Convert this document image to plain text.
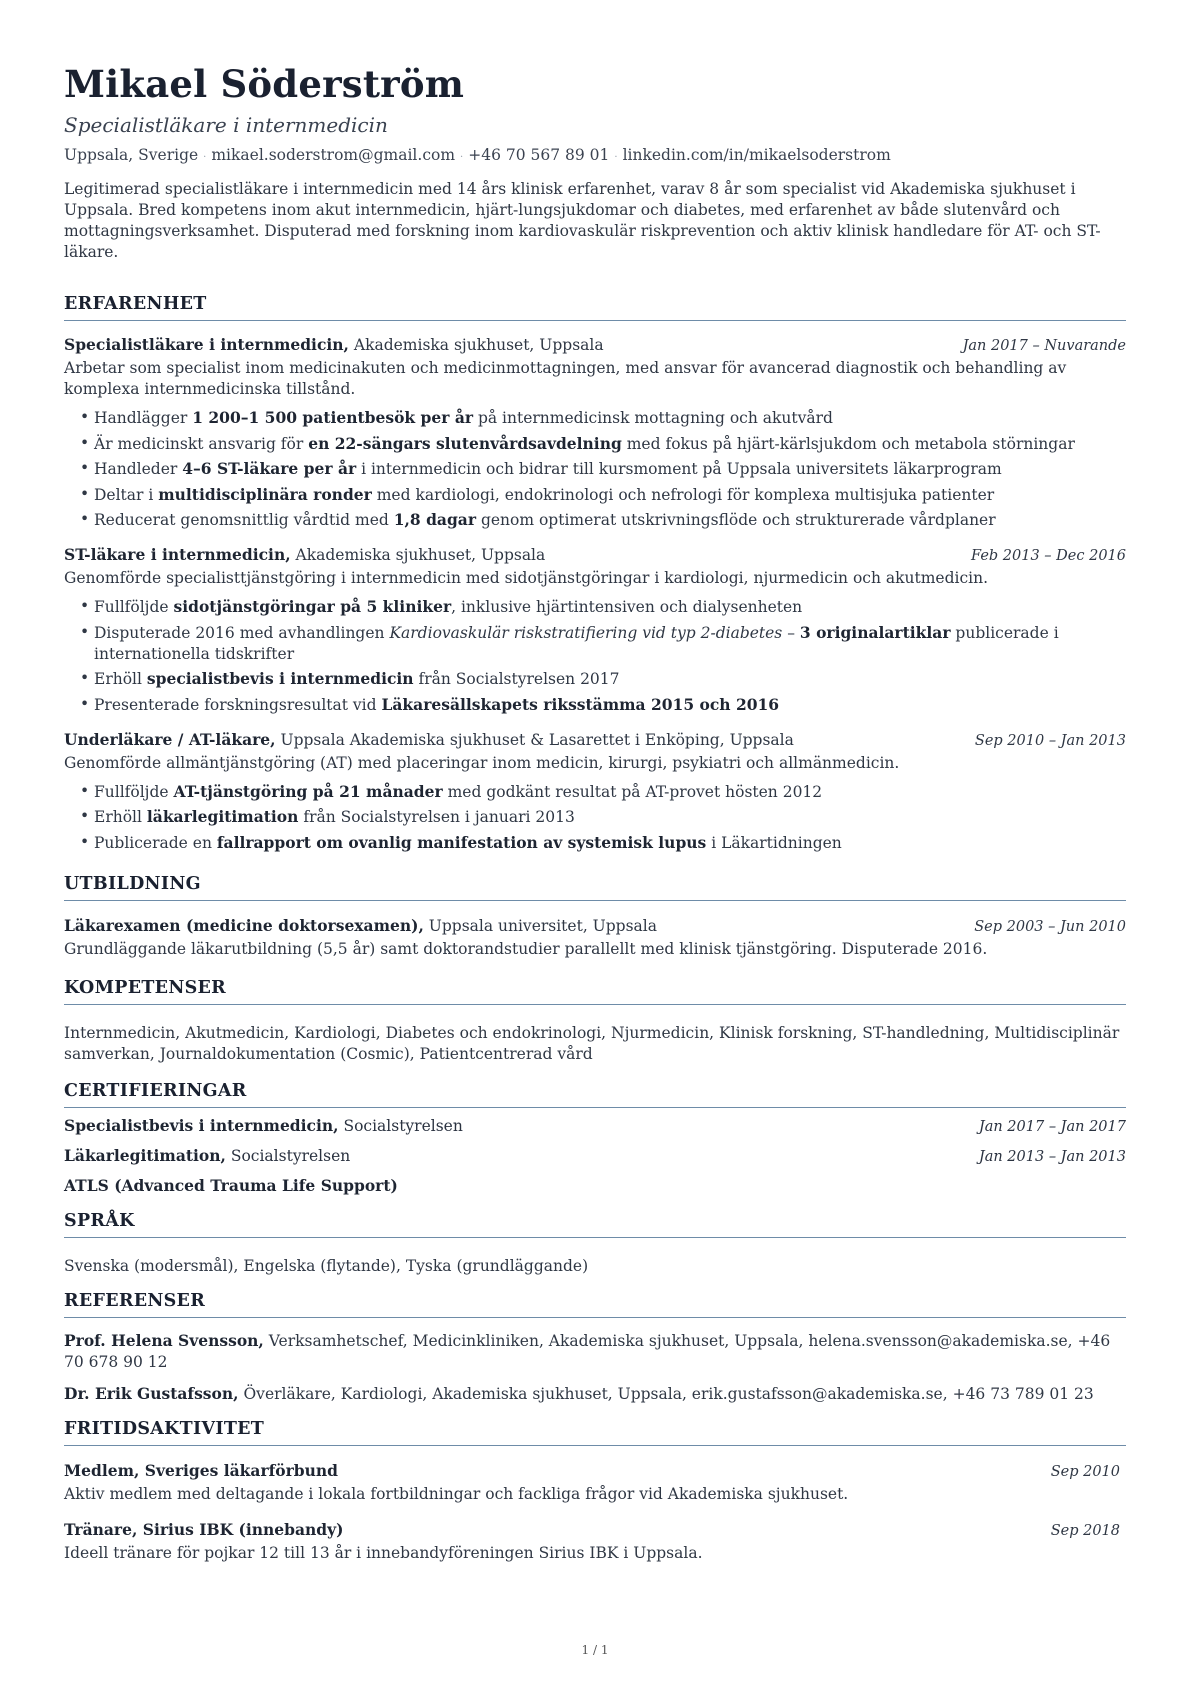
Mikael Söderström
Specialistläkare i internmedicin
Uppsala, Sverige · mikael.soderstrom@gmail.com · +46 70 567 89 01 · linkedin.com/in/mikaelsoderstrom
Legitimerad specialistläkare i internmedicin med 14 års klinisk erfarenhet, varav 8 år som specialist vid Akademiska sjukhuset i Uppsala. Bred kompetens inom akut internmedicin, hjärt-lungsjukdomar och diabetes, med erfarenhet av både slutenvård och mottagningsverksamhet. Disputerad med forskning inom kardiovaskulär riskprevention och aktiv klinisk handledare för AT- och ST-läkare.
ERFARENHET
Specialistläkare i internmedicin, Akademiska sjukhuset, Uppsala	Jan 2017 – Nuvarande
Arbetar som specialist inom medicinakuten och medicinmottagningen, med ansvar för avancerad diagnostik och behandling av komplexa internmedicinska tillstånd.
• Handlägger 1 200–1 500 patientbesök per år på internmedicinsk mottagning och akutvård
• Är medicinskt ansvarig för en 22-sängars slutenvårdsavdelning med fokus på hjärt-kärlsjukdom och metabola störningar
• Handleder 4–6 ST-läkare per år i internmedicin och bidrar till kursmoment på Uppsala universitets läkarprogram
• Deltar i multidisciplinära ronder med kardiologi, endokrinologi och nefrologi för komplexa multisjuka patienter
• Reducerat genomsnittlig vårdtid med 1,8 dagar genom optimerat utskrivningsflöde och strukturerade vårdplaner
ST-läkare i internmedicin, Akademiska sjukhuset, Uppsala	Feb 2013 – Dec 2016
Genomförde specialisttjänstgöring i internmedicin med sidotjänstgöringar i kardiologi, njurmedicin och akutmedicin.
• Fullföljde sidotjänstgöringar på 5 kliniker, inklusive hjärtintensiven och dialysenheten
• Disputerade 2016 med avhandlingen Kardiovaskulär riskstratifiering vid typ 2-diabetes – 3 originalartiklar publicerade i internationella tidskrifter
• Erhöll specialistbevis i internmedicin från Socialstyrelsen 2017
• Presenterade forskningsresultat vid Läkaresällskapets riksstämma 2015 och 2016
Underläkare / AT-läkare, Uppsala Akademiska sjukhuset & Lasarettet i Enköping, Uppsala	Sep 2010 – Jan 2013
Genomförde allmäntjänstgöring (AT) med placeringar inom medicin, kirurgi, psykiatri och allmänmedicin.
• Fullföljde AT-tjänstgöring på 21 månader med godkänt resultat på AT-provet hösten 2012
• Erhöll läkarlegitimation från Socialstyrelsen i januari 2013
• Publicerade en fallrapport om ovanlig manifestation av systemisk lupus i Läkartidningen
UTBILDNING
Läkarexamen (medicine doktorsexamen), Uppsala universitet, Uppsala	Sep 2003 – Jun 2010
Grundläggande läkarutbildning (5,5 år) samt doktorandstudier parallellt med klinisk tjänstgöring. Disputerade 2016.
KOMPETENSER
Internmedicin, Akutmedicin, Kardiologi, Diabetes och endokrinologi, Njurmedicin, Klinisk forskning, ST-handledning, Multidisciplinär samverkan, Journaldokumentation (Cosmic), Patientcentrerad vård
CERTIFIERINGAR
Specialistbevis i internmedicin, Socialstyrelsen	Jan 2017 – Jan 2017
Läkarlegitimation, Socialstyrelsen	Jan 2013 – Jan 2013
ATLS (Advanced Trauma Life Support)
SPRÅK
Svenska (modersmål), Engelska (flytande), Tyska (grundläggande)
REFERENSER
Prof. Helena Svensson, Verksamhetschef, Medicinkliniken, Akademiska sjukhuset, Uppsala, helena.svensson@akademiska.se, +46 70 678 90 12
Dr. Erik Gustafsson, Överläkare, Kardiologi, Akademiska sjukhuset, Uppsala, erik.gustafsson@akademiska.se, +46 73 789 01 23
FRITIDSAKTIVITET
Medlem, Sveriges läkarförbund	Sep 2010
Aktiv medlem med deltagande i lokala fortbildningar och fackliga frågor vid Akademiska sjukhuset.
Tränare, Sirius IBK (innebandy)	Sep 2018
Ideell tränare för pojkar 12 till 13 år i innebandyföreningen Sirius IBK i Uppsala.
1 / 1
